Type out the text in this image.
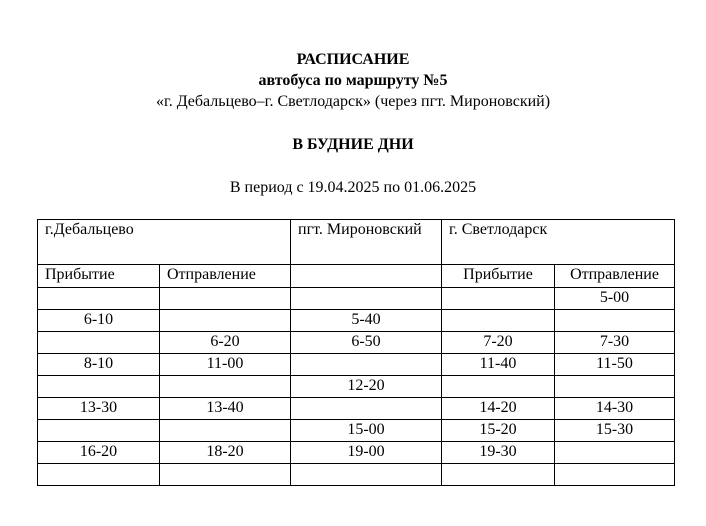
РАСПИСАНИЕ
автобуса по маршруту №5
«г. Дебальцево–г. Светлодарск» (через пгт. Мироновский)
В БУДНИЕ ДНИ
В период с 19.04.2025 по 01.06.2025
г.Дебальцево		пгт. Мироновский	г. Светлодарск	
Прибытие	Отправление		Прибытие	Отправление
				5-00
6-10		5-40		
	6-20	6-50	7-20	7-30
8-10	11-00		11-40	11-50
		12-20		
13-30	13-40		14-20	14-30
		15-00	15-20	15-30
16-20	18-20	19-00	19-30	
